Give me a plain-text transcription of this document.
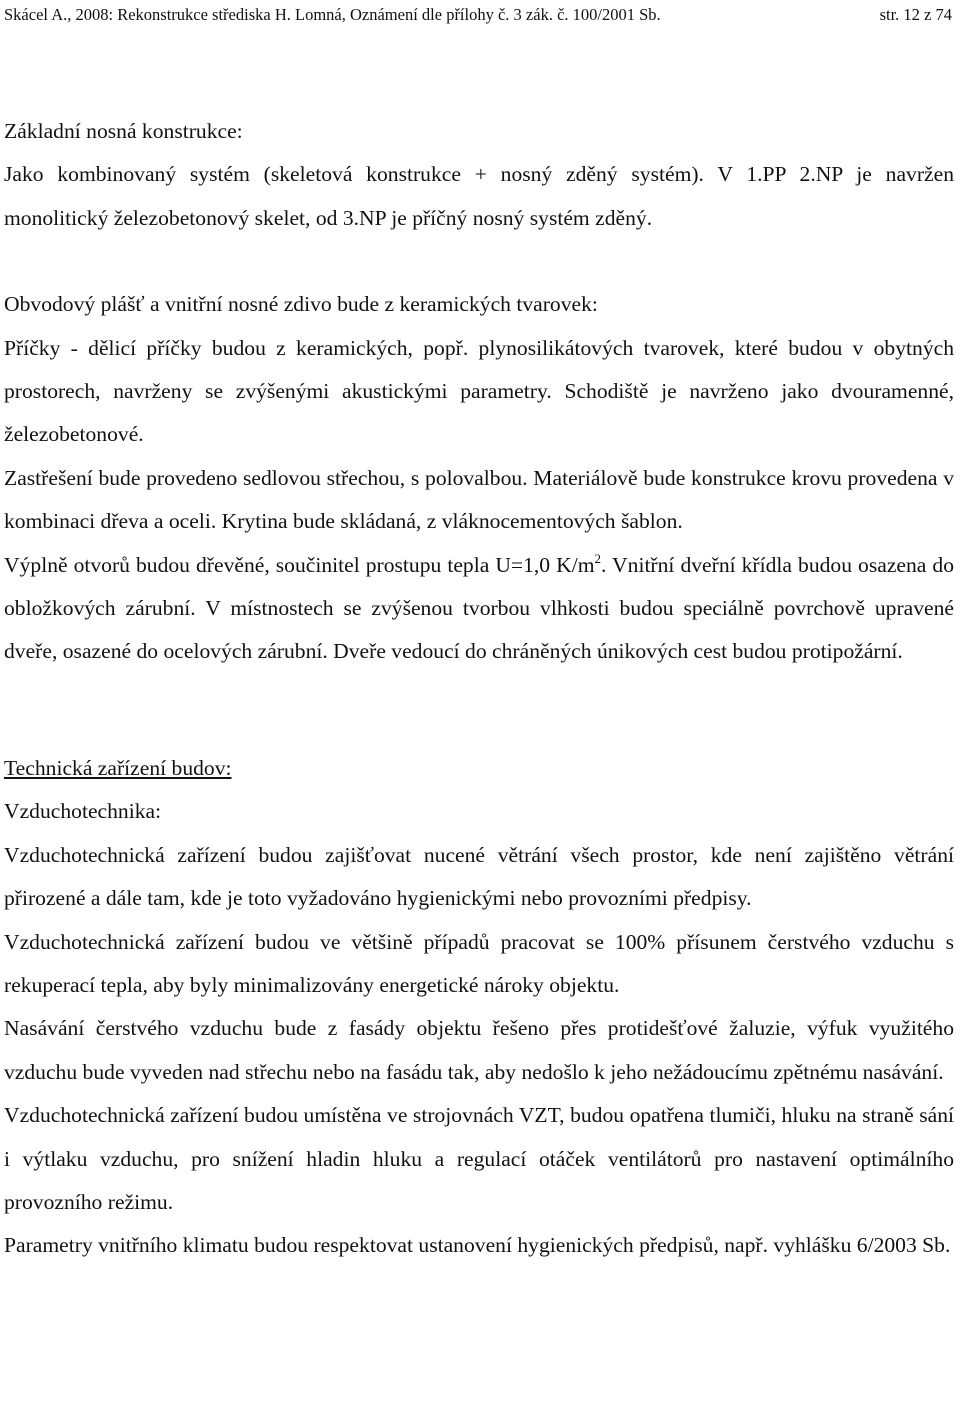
Skácel A., 2008: Rekonstrukce střediska H. Lomná, Oznámení dle přílohy č. 3 zák. č. 100/2001 Sb.	str. 12 z 74

Základní nosná konstrukce:

Jako kombinovaný systém (skeletová konstrukce + nosný zděný systém). V 1.PP 2.NP je navržen monolitický železobetonový skelet, od 3.NP je příčný nosný systém zděný.

Obvodový plášť a vnitřní nosné zdivo bude z keramických tvarovek:

Příčky - dělicí příčky budou z keramických, popř. plynosilikátových tvarovek, které budou v obytných prostorech, navrženy se zvýšenými akustickými parametry. Schodiště je navrženo jako dvouramenné, železobetonové.

Zastřešení bude provedeno sedlovou střechou, s polovalbou. Materiálově bude konstrukce krovu provedena v kombinaci dřeva a oceli. Krytina bude skládaná, z vláknocementových šablon.

Výplně otvorů budou dřevěné, součinitel prostupu tepla U=1,0 $K/m^2$. Vnitřní dveřní křídla budou osazena do obložkových zárubní. V místnostech se zvýšenou tvorbou vlhkosti budou speciálně povrchově upravené dveře, osazené do ocelových zárubní. Dveře vedoucí do chráněných únikových cest budou protipožární.

Technická zařízení budov:

Vzduchotechnika:

Vzduchotechnická zařízení budou zajišťovat nucené větrání všech prostor, kde není zajištěno větrání přirozené a dále tam, kde je toto vyžadováno hygienickými nebo provozními předpisy.

Vzduchotechnická zařízení budou ve většině případů pracovat se 100% přísunem čerstvého vzduchu s rekuperací tepla, aby byly minimalizovány energetické nároky objektu.

Nasávání čerstvého vzduchu bude z fasády objektu řešeno přes protidešťové žaluzie, výfuk využitého vzduchu bude vyveden nad střechu nebo na fasádu tak, aby nedošlo k jeho nežádoucímu zpětnému nasávání.

Vzduchotechnická zařízení budou umístěna ve strojovnách VZT, budou opatřena tlumiči, hluku na straně sání i výtlaku vzduchu, pro snížení hladin hluku a regulací otáček ventilátorů pro nastavení optimálního provozního režimu.

Parametry vnitřního klimatu budou respektovat ustanovení hygienických předpisů, např. vyhlášku 6/2003 Sb.
